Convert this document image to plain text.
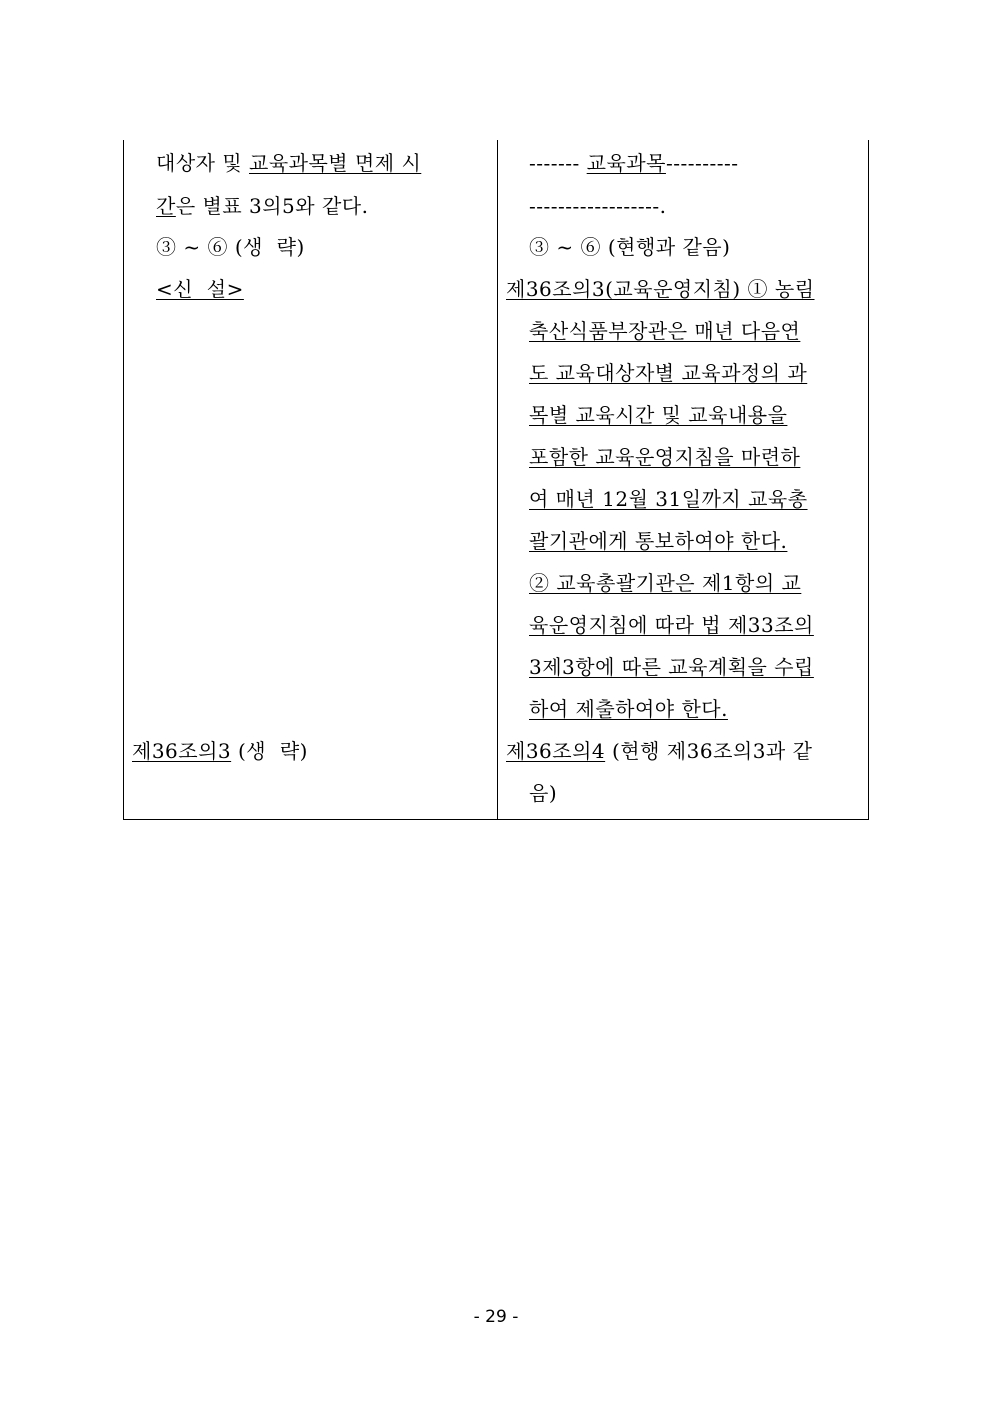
대상자 및 교육과목별 면제 시
간은 별표 3의5와 같다.
③ ~ ⑥ (생  략)
<신  설>
제36조의3 (생  략)
------- 교육과목----------
------------------.
③ ~ ⑥ (현행과 같음)
제36조의3(교육운영지침) ① 농림
축산식품부장관은 매년 다음연
도 교육대상자별 교육과정의 과
목별 교육시간 및 교육내용을
포함한 교육운영지침을 마련하
여 매년 12월 31일까지 교육총
괄기관에게 통보하여야 한다.
② 교육총괄기관은 제1항의 교
육운영지침에 따라 법 제33조의
3제3항에 따른 교육계획을 수립
하여 제출하여야 한다.
제36조의4 (현행 제36조의3과 같
음)
- 29 -
